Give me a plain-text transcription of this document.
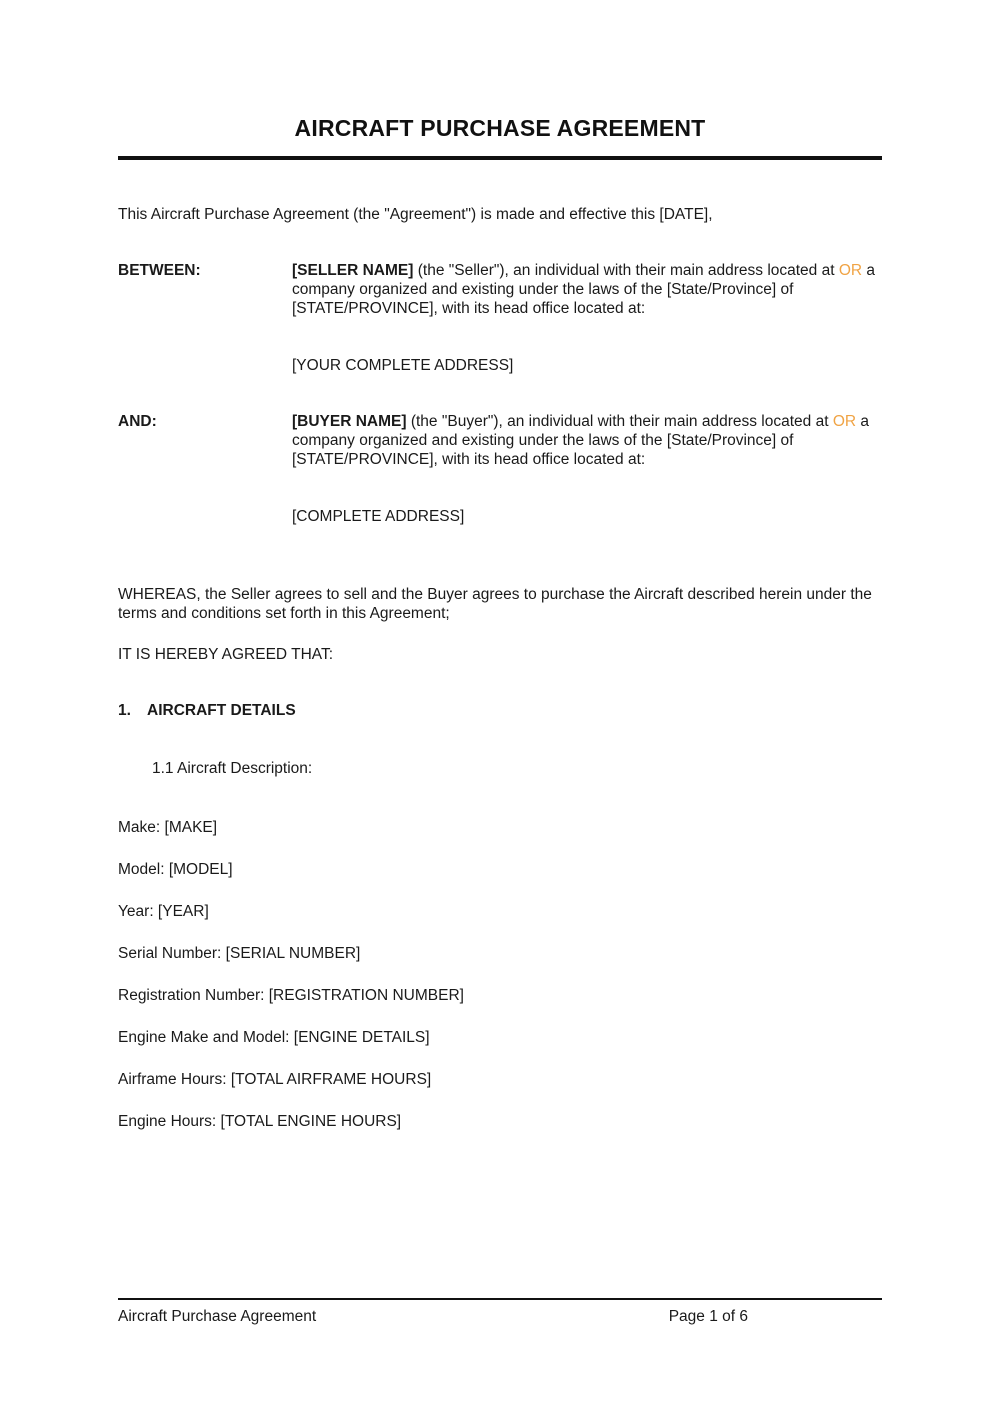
AIRCRAFT PURCHASE AGREEMENT

This Aircraft Purchase Agreement (the "Agreement") is made and effective this [DATE],

BETWEEN:	[SELLER NAME] (the "Seller"), an individual with their main address located at OR a company organized and existing under the laws of the [State/Province] of [STATE/PROVINCE], with its head office located at:

[YOUR COMPLETE ADDRESS]

AND:	[BUYER NAME] (the "Buyer"), an individual with their main address located at OR a company organized and existing under the laws of the [State/Province] of [STATE/PROVINCE], with its head office located at:

[COMPLETE ADDRESS]

WHEREAS, the Seller agrees to sell and the Buyer agrees to purchase the Aircraft described herein under the terms and conditions set forth in this Agreement;

IT IS HEREBY AGREED THAT:

1.	AIRCRAFT DETAILS

1.1 Aircraft Description:

Make: [MAKE]

Model: [MODEL]

Year: [YEAR]

Serial Number: [SERIAL NUMBER]

Registration Number: [REGISTRATION NUMBER]

Engine Make and Model: [ENGINE DETAILS]

Airframe Hours: [TOTAL AIRFRAME HOURS]

Engine Hours: [TOTAL ENGINE HOURS]

Aircraft Purchase Agreement	Page 1 of 6
